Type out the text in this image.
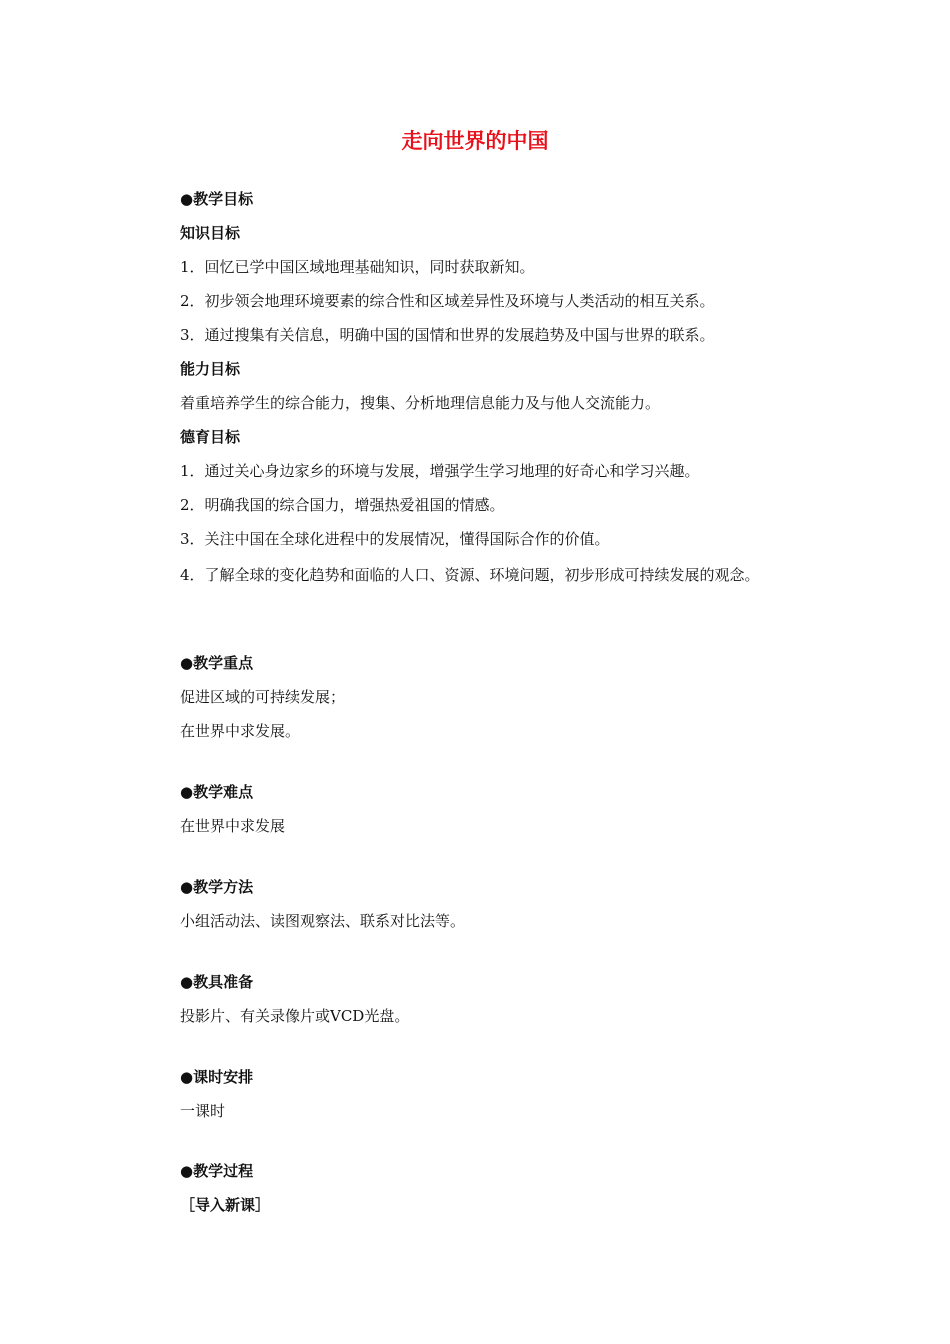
走向世界的中国
●教学目标
知识目标
1．回忆已学中国区域地理基础知识，同时获取新知。
2．初步领会地理环境要素的综合性和区域差异性及环境与人类活动的相互关系。
3．通过搜集有关信息，明确中国的国情和世界的发展趋势及中国与世界的联系。
能力目标
着重培养学生的综合能力，搜集、分析地理信息能力及与他人交流能力。
德育目标
1．通过关心身边家乡的环境与发展，增强学生学习地理的好奇心和学习兴趣。
2．明确我国的综合国力，增强热爱祖国的情感。
3．关注中国在全球化进程中的发展情况，懂得国际合作的价值。
4．了解全球的变化趋势和面临的人口、资源、环境问题，初步形成可持续发展的观念。
●教学重点
促进区域的可持续发展；
在世界中求发展。
●教学难点
在世界中求发展
●教学方法
小组活动法、读图观察法、联系对比法等。
●教具准备
投影片、有关录像片或VCD光盘。
●课时安排
一课时
●教学过程
［导入新课］
